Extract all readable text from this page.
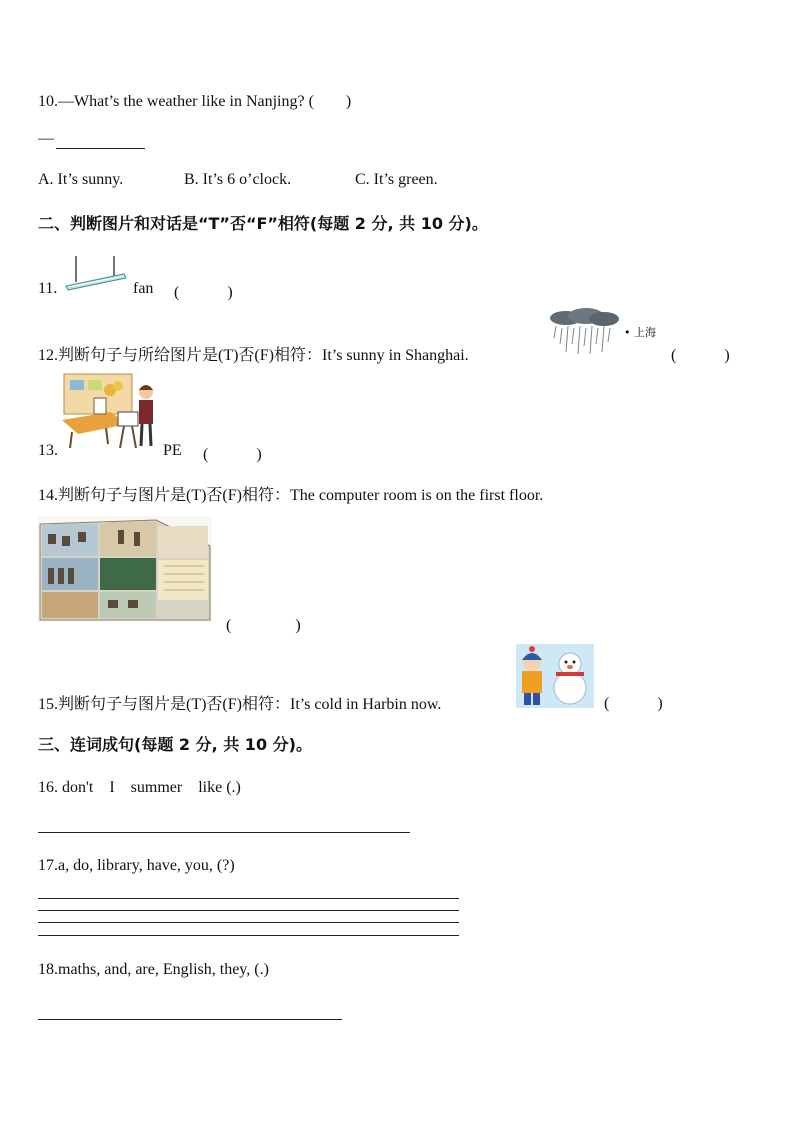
10.—What’s the weather like in Nanjing? (　　)
—
A. It’s sunny.	B. It’s 6 o’clock.	C. It’s green.
二、判断图片和对话是“T”否“F”相符(每题 2 分, 共 10 分)。
11.	fan (　　　)
12.判断句子与所给图片是(T)否(F)相符：It’s sunny in Shanghai.
• 上海
(　　　)
13.	PE (　　　)
14.判断句子与图片是(T)否(F)相符：The computer room is on the first floor.
(　　　　)
15.判断句子与图片是(T)否(F)相符：It’s cold in Harbin now.	(　　　)
三、连词成句(每题 2 分, 共 10 分)。
16. don't　I　summer　like (.)
17.a, do, library, have, you, (?)
18.maths, and, are, English, they, (.)
